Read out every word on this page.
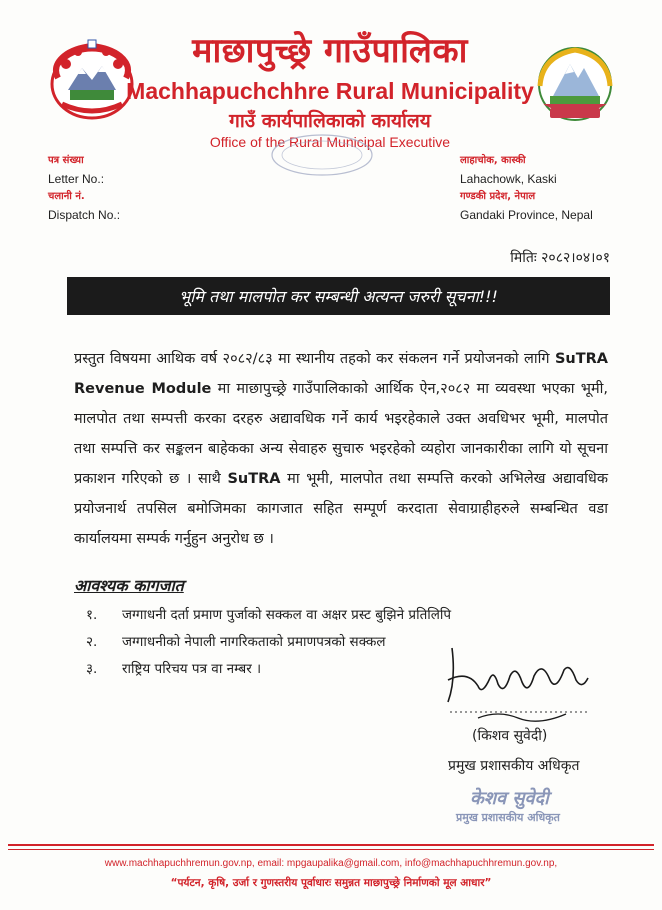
माछापुच्छ्रे गाउँपालिका
Machhapuchchhre Rural Municipality
गाउँ कार्यपालिकाको कार्यालय
Office of the Rural Municipal Executive
पत्र संख्या
Letter No.:
चलानी नं.
Dispatch No.:
लाहाचोक, कास्की
Lahachowk, Kaski
गण्डकी प्रदेश, नेपाल
Gandaki Province, Nepal
मितिः २०८२।०४।०१
भूमि तथा मालपोत कर सम्बन्धी अत्यन्त जरुरी सूचना!!!
प्रस्तुत विषयमा आथिक वर्ष २०८२/८३ मा स्थानीय तहको कर संकलन गर्ने प्रयोजनको लागि SuTRA Revenue Module मा माछापुच्छ्रे गाउँपालिकाको आर्थिक ऐन,२०८२ मा व्यवस्था भएका भूमी, मालपोत तथा सम्पत्ती करका दरहरु अद्यावधिक गर्ने कार्य भइरहेकाले उक्त अवधिभर भूमी, मालपोत तथा सम्पत्ति कर सङ्कलन बाहेकका अन्य सेवाहरु सुचारु भइरहेको व्यहोरा जानकारीका लागि यो सूचना प्रकाशन गरिएको छ । साथै SuTRA मा भूमी, मालपोत तथा सम्पत्ति करको अभिलेख अद्यावधिक प्रयोजनार्थ तपसिल बमोजिमका कागजात सहित सम्पूर्ण करदाता सेवाग्राहीहरुले सम्बन्धित वडा कार्यालयमा सम्पर्क गर्नुहुन अनुरोध छ ।
आवश्यक कागजात
१.	जग्गाधनी दर्ता प्रमाण पुर्जाको सक्कल वा अक्षर प्रस्ट बुझिने प्रतिलिपि
२.	जग्गाधनीको नेपाली नागरिकताको प्रमाणपत्रको सक्कल
३.	राष्ट्रिय परिचय पत्र वा नम्बर ।
(किशव सुवेदी)
प्रमुख प्रशासकीय अधिकृत
केशव सुवेदी
प्रमुख प्रशासकीय अधिकृत
www.machhapuchhremun.gov.np, email: mpgaupalika@gmail.com, info@machhapuchhremun.gov.np,
“पर्यटन, कृषि, उर्जा र गुणस्तरीय पूर्वाधारः समुन्नत माछापुच्छ्रे निर्माणको मूल आधार”
